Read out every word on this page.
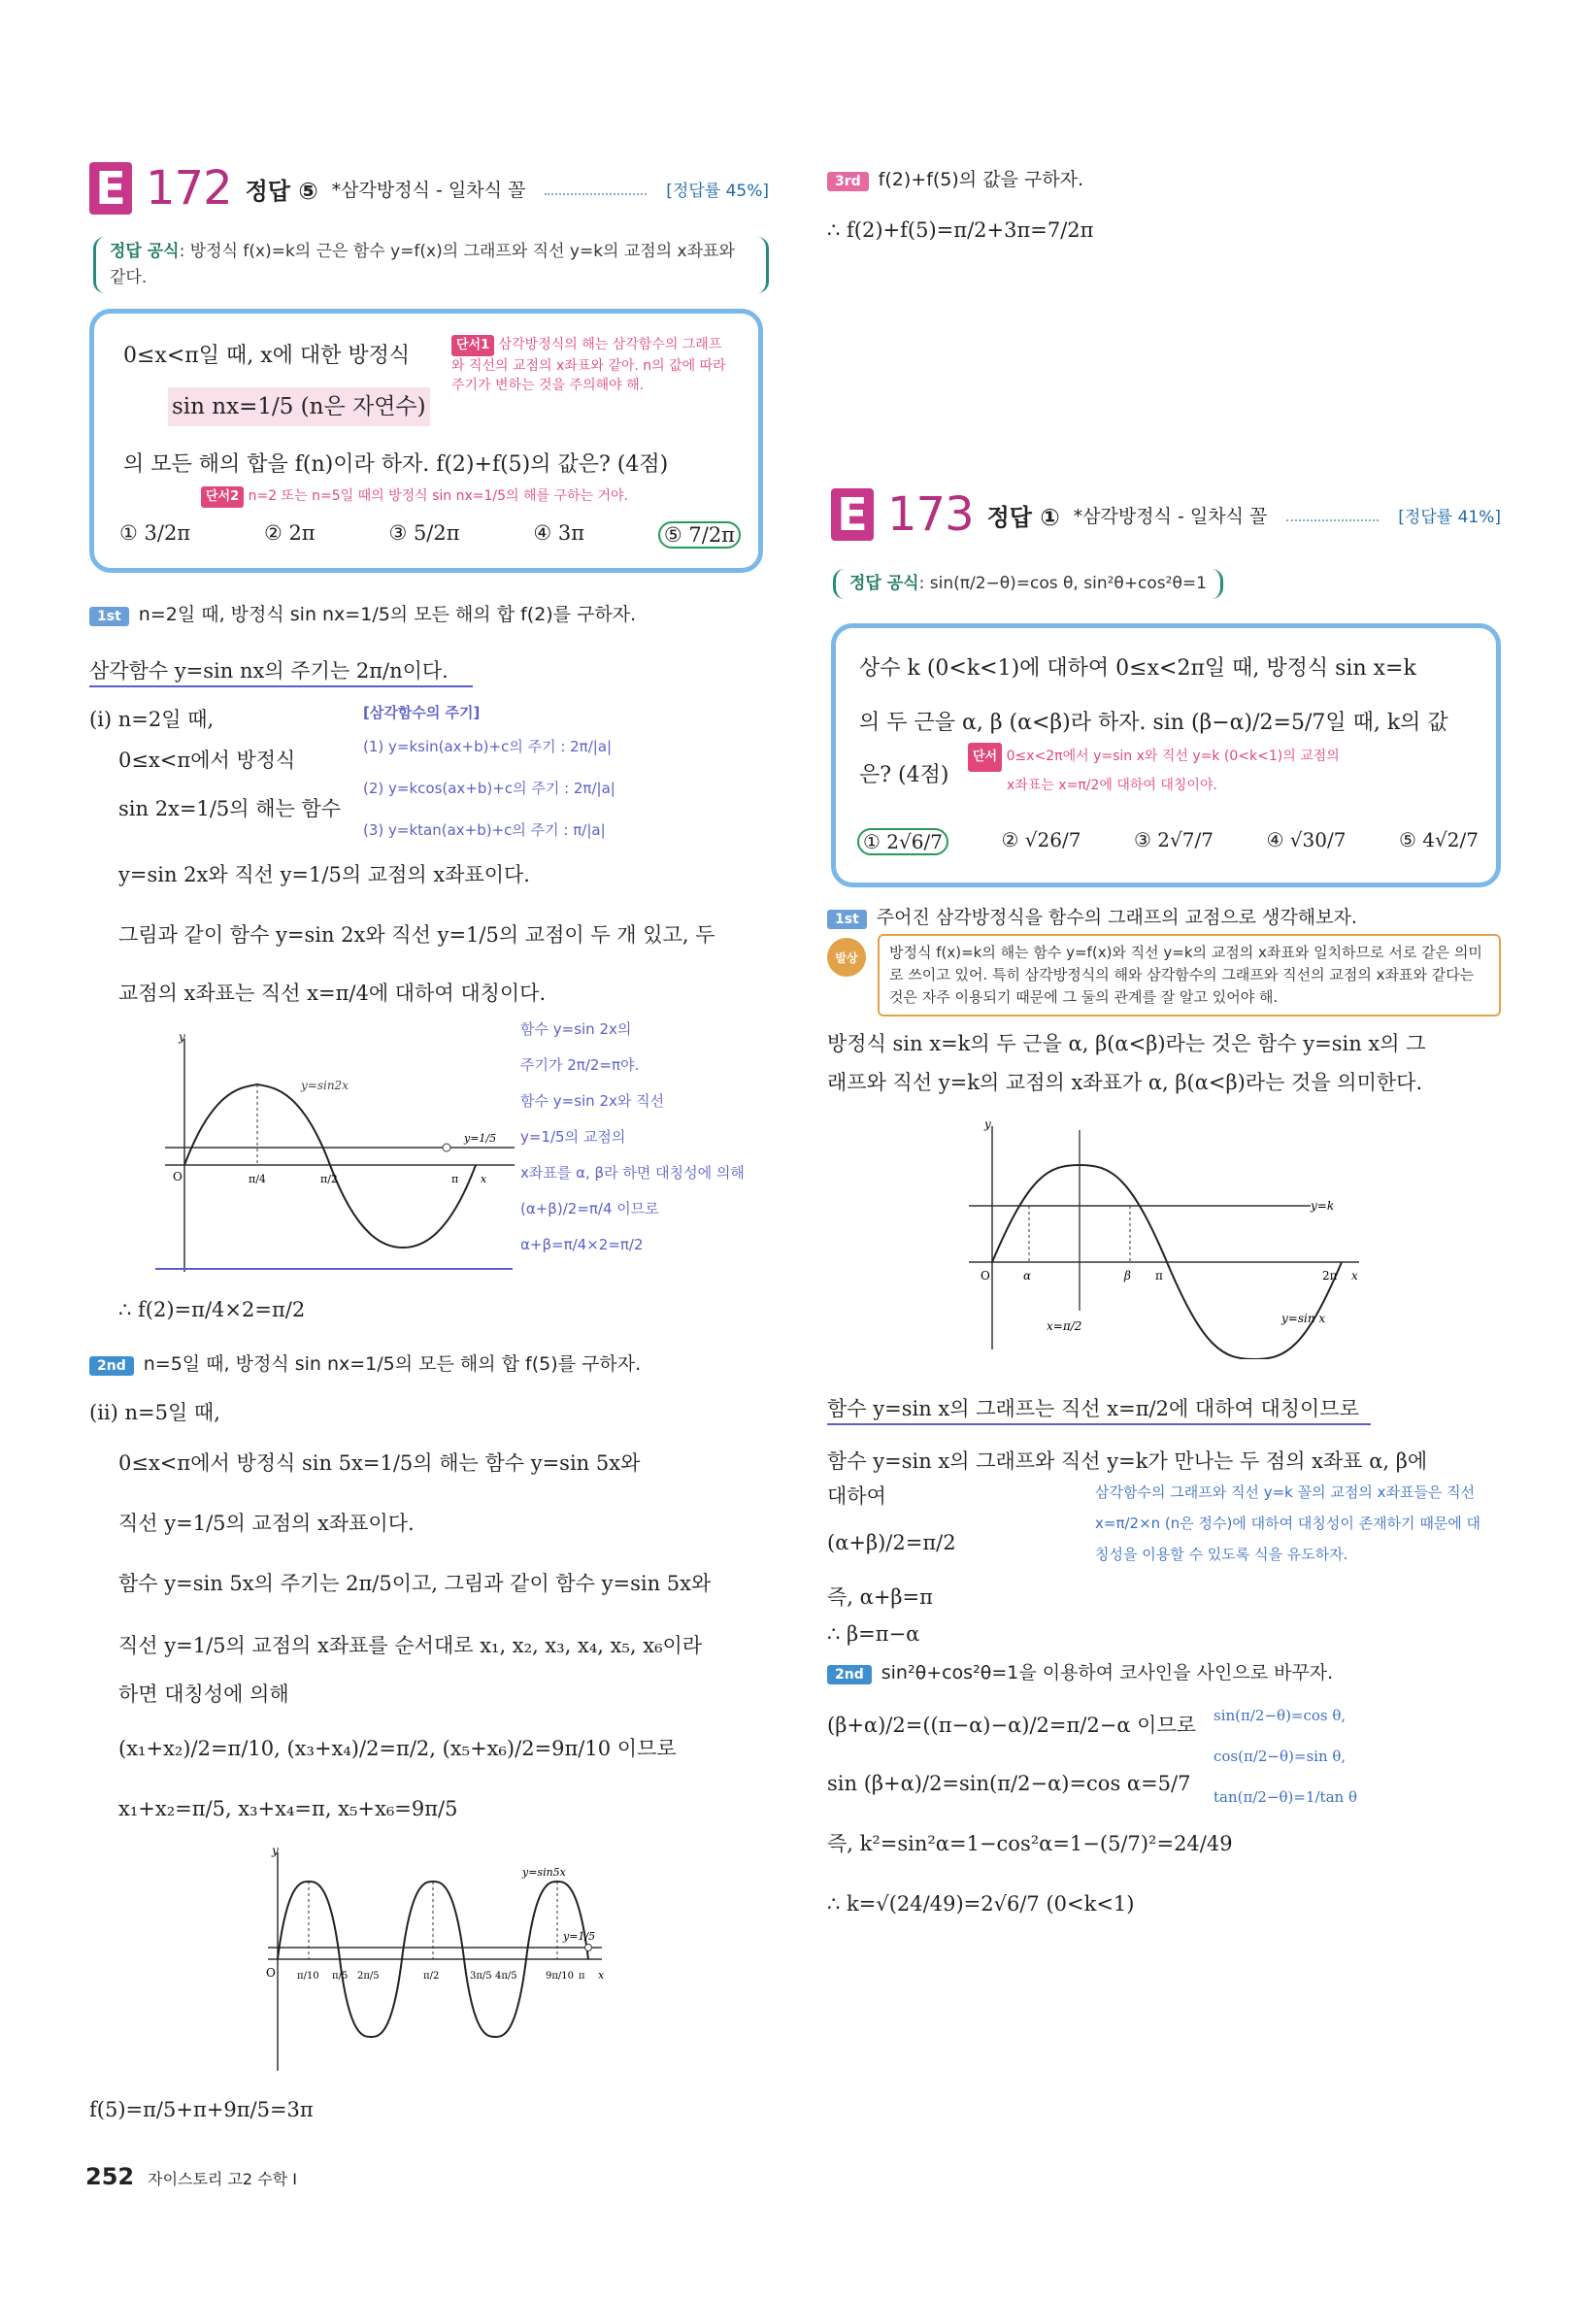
E 172 정답 ⑤ *삼각방정식 - 일차식 꼴	[정답률 45%]
정답 공식: 방정식 f(x)=k의 근은 함수 y=f(x)의 그래프와 직선 y=k의 교점의 x좌표와 같다.
0≤x<π일 때, x에 대한 방정식
sin nx=1/5 (n은 자연수)
의 모든 해의 합을 f(n)이라 하자. f(2)+f(5)의 값은? (4점)
단서1 삼각방정식의 해는 삼각함수의 그래프와 직선의 교점의 x좌표와 같아. n의 값에 따라 주기가 변하는 것을 주의해야 해.
단서2 n=2 또는 n=5일 때의 방정식 sin nx=1/5의 해를 구하는 거야.
① 3/2π	② 2π	③ 5/2π	④ 3π	⑤ 7/2π
1st n=2일 때, 방정식 sin nx=1/5의 모든 해의 합 f(2)를 구하자.
삼각함수 y=sin nx의 주기는 2π/n이다.
(i) n=2일 때,
0≤x<π에서 방정식
sin 2x=1/5의 해는 함수
y=sin 2x와 직선 y=1/5의 교점의 x좌표이다.
[삼각함수의 주기]
(1) y=ksin(ax+b)+c의 주기 : 2π/|a|
(2) y=kcos(ax+b)+c의 주기 : 2π/|a|
(3) y=ktan(ax+b)+c의 주기 : π/|a|
그림과 같이 함수 y=sin 2x와 직선 y=1/5의 교점이 두 개 있고, 두
교점의 x좌표는 직선 x=π/4에 대하여 대칭이다.
y
O
y=sin2x
y=1/5
π/4	π/2	π x
함수 y=sin 2x의
주기가 2π/2=π야.
함수 y=sin 2x와 직선
y=1/5의 교점의
x좌표를 α, β라 하면 대칭성에 의해
(α+β)/2=π/4 이므로
α+β=π/4×2=π/2
∴ f(2)=π/4×2=π/2
2nd n=5일 때, 방정식 sin nx=1/5의 모든 해의 합 f(5)를 구하자.
(ii) n=5일 때,
0≤x<π에서 방정식 sin 5x=1/5의 해는 함수 y=sin 5x와
직선 y=1/5의 교점의 x좌표이다.
함수 y=sin 5x의 주기는 2π/5이고, 그림과 같이 함수 y=sin 5x와
직선 y=1/5의 교점의 x좌표를 순서대로 x₁, x₂, x₃, x₄, x₅, x₆이라
하면 대칭성에 의해
(x₁+x₂)/2=π/10, (x₃+x₄)/2=π/2, (x₅+x₆)/2=9π/10 이므로
x₁+x₂=π/5, x₃+x₄=π, x₅+x₆=9π/5
y
O
y=sin5x
y=1/5
π/10 π/5 2π/5	π/2	3π/5 4π/5	9π/10 π x
f(5)=π/5+π+9π/5=3π
3rd f(2)+f(5)의 값을 구하자.
∴ f(2)+f(5)=π/2+3π=7/2π
E 173 정답 ① *삼각방정식 - 일차식 꼴	[정답률 41%]
정답 공식: sin(π/2−θ)=cos θ, sin²θ+cos²θ=1
상수 k (0<k<1)에 대하여 0≤x<2π일 때, 방정식 sin x=k
의 두 근을 α, β (α<β)라 하자. sin (β−α)/2=5/7일 때, k의 값
은? (4점)
단서 0≤x<2π에서 y=sin x와 직선 y=k (0<k<1)의 교점의
x좌표는 x=π/2에 대하여 대칭이야.
① 2√6/7	② √26/7	③ 2√7/7	④ √30/7	⑤ 4√2/7
1st 주어진 삼각방정식을 함수의 그래프의 교점으로 생각해보자.
발상	방정식 f(x)=k의 해는 함수 y=f(x)와 직선 y=k의 교점의 x좌표와 일치하므로 서로 같은 의미로 쓰이고 있어. 특히 삼각방정식의 해와 삼각함수의 그래프와 직선의 교점의 x좌표와 같다는 것은 자주 이용되기 때문에 그 둘의 관계를 잘 알고 있어야 해.
방정식 sin x=k의 두 근을 α, β(α<β)라는 것은 함수 y=sin x의 그
래프와 직선 y=k의 교점의 x좌표가 α, β(α<β)라는 것을 의미한다.
y
O
y=k
α	β π	2π x
y=sin x
x=π/2
함수 y=sin x의 그래프는 직선 x=π/2에 대하여 대칭이므로
함수 y=sin x의 그래프와 직선 y=k가 만나는 두 점의 x좌표 α, β에
대하여	삼각함수의 그래프와 직선 y=k 꼴의 교점의 x좌표들은 직선
x=π/2×n (n은 정수)에 대하여 대칭성이 존재하기 때문에 대
칭성을 이용할 수 있도록 식을 유도하자.
(α+β)/2=π/2
즉, α+β=π
∴ β=π−α
2nd sin²θ+cos²θ=1을 이용하여 코사인을 사인으로 바꾸자.
(β+α)/2=((π−α)−α)/2=π/2−α 이므로
sin (β+α)/2=sin(π/2−α)=cos α=5/7
즉, k²=sin²α=1−cos²α=1−(5/7)²=24/49
∴ k=√(24/49)=2√6/7 (0<k<1)
sin(π/2−θ)=cos θ,
cos(π/2−θ)=sin θ,
tan(π/2−θ)=1/tan θ
252 자이스토리 고2 수학 I
